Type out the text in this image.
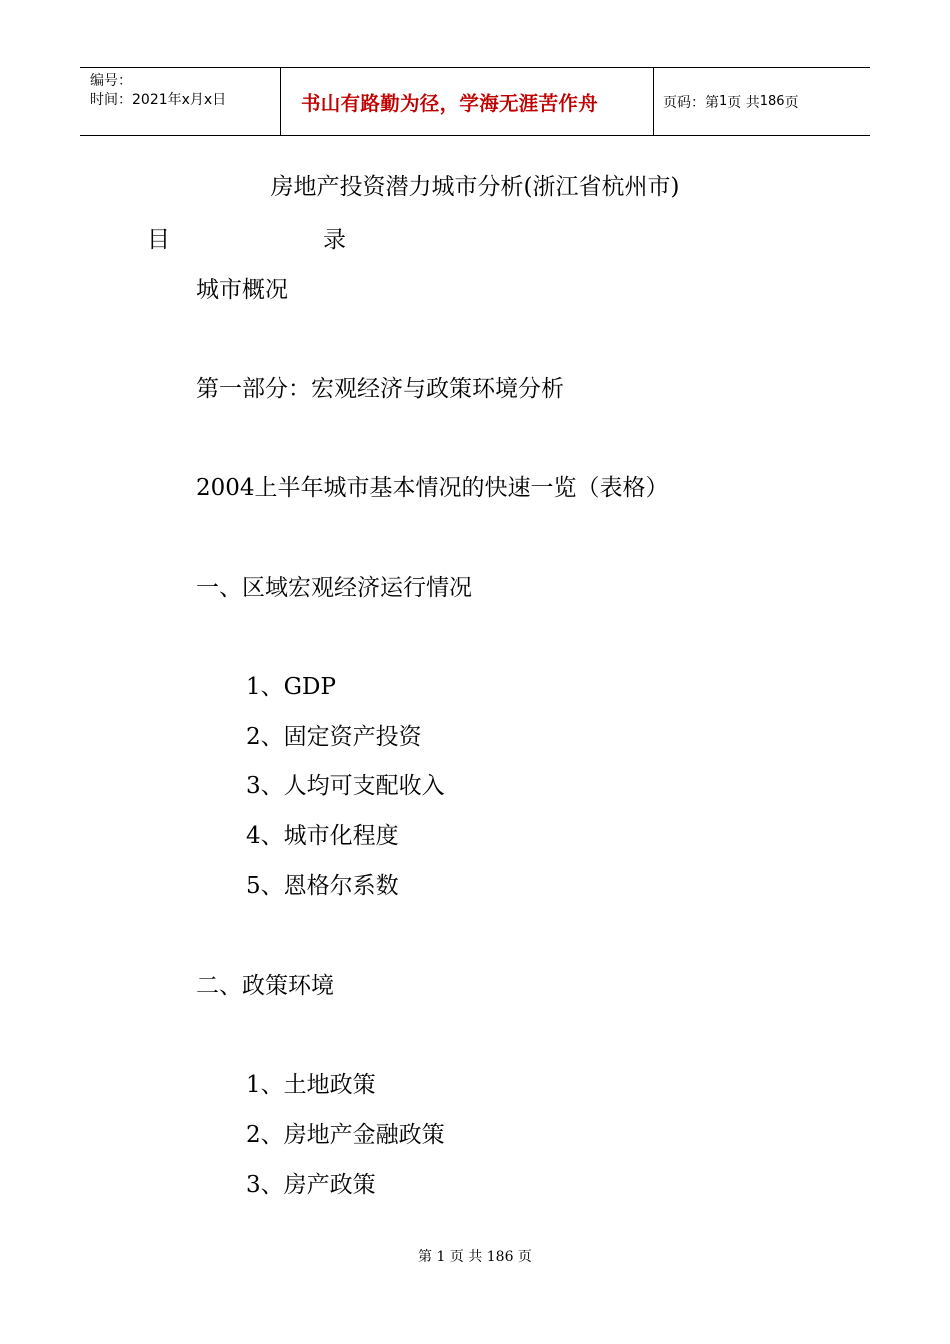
编号：
时间：2021年x月x日	书山有路勤为径，学海无涯苦作舟	页码：第 1 页 共 186 页
房地产投资潜力城市分析(浙江省杭州市)
目	录
城市概况
第一部分：宏观经济与政策环境分析
2004上半年城市基本情况的快速一览（表格）
一、区域宏观经济运行情况
1、GDP
2、固定资产投资
3、人均可支配收入
4、城市化程度
5、恩格尔系数
二、政策环境
1、土地政策
2、房地产金融政策
3、房产政策
第 1 页 共 186 页
